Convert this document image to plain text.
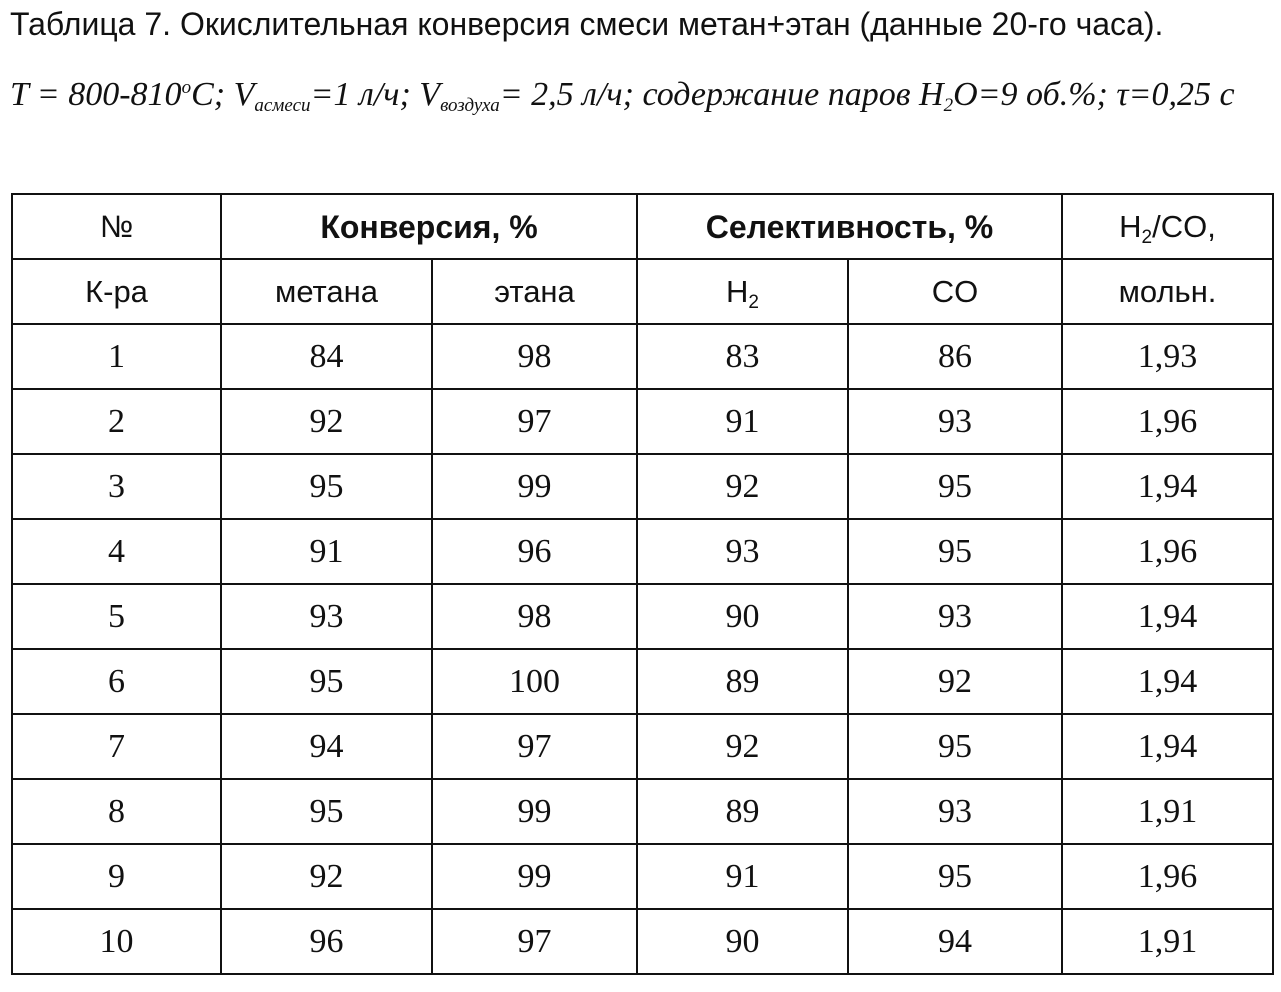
Таблица 7. Окислительная конверсия смеси метан+этан (данные 20-го часа).
$T = 800-810^oC$; $V_{асмеси}=1$ л/ч; $V_{воздуха}= 2,5$ л/ч; содержание паров $H_2O=9$ об.%; τ=0,25 с
№	Конверсия, %		Селективность, %		$H_2/CO$,
К-ра	метана	этана	$H_2$	CO	мольн.
1	84	98	83	86	1,93
2	92	97	91	93	1,96
3	95	99	92	95	1,94
4	91	96	93	95	1,96
5	93	98	90	93	1,94
6	95	100	89	92	1,94
7	94	97	92	95	1,94
8	95	99	89	93	1,91
9	92	99	91	95	1,96
10	96	97	90	94	1,91
